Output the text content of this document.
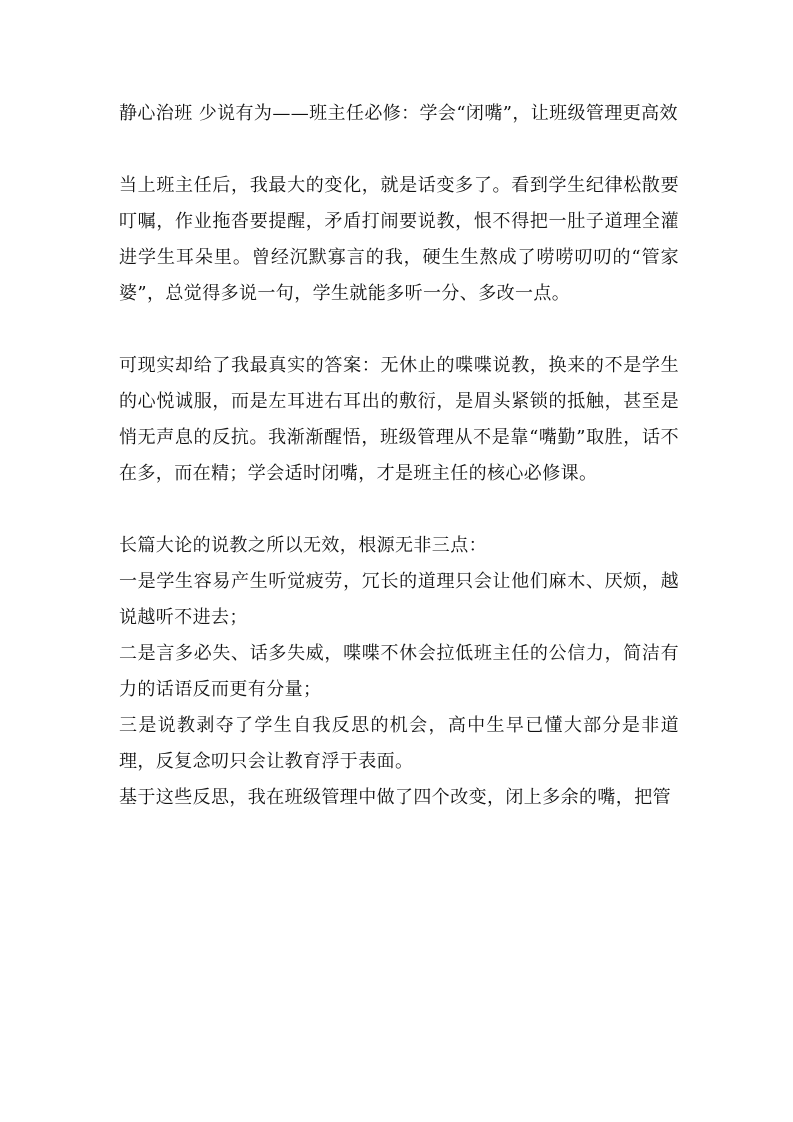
静心治班 少说有为——班主任必修：学会“闭嘴”，让班级管理更高效

当上班主任后，我最大的变化，就是话变多了。看到学生纪律松散要叮嘱，作业拖沓要提醒，矛盾打闹要说教，恨不得把一肚子道理全灌进学生耳朵里。曾经沉默寡言的我，硬生生熬成了唠唠叨叨的“管家婆”，总觉得多说一句，学生就能多听一分、多改一点。

可现实却给了我最真实的答案：无休止的喋喋说教，换来的不是学生的心悦诚服，而是左耳进右耳出的敷衍，是眉头紧锁的抵触，甚至是悄无声息的反抗。我渐渐醒悟，班级管理从不是靠“嘴勤”取胜，话不在多，而在精；学会适时闭嘴，才是班主任的核心必修课。

长篇大论的说教之所以无效，根源无非三点：
一是学生容易产生听觉疲劳，冗长的道理只会让他们麻木、厌烦，越说越听不进去；
二是言多必失、话多失威，喋喋不休会拉低班主任的公信力，简洁有力的话语反而更有分量；
三是说教剥夺了学生自我反思的机会，高中生早已懂大部分是非道理，反复念叨只会让教育浮于表面。

基于这些反思，我在班级管理中做了四个改变，闭上多余的嘴，把管
